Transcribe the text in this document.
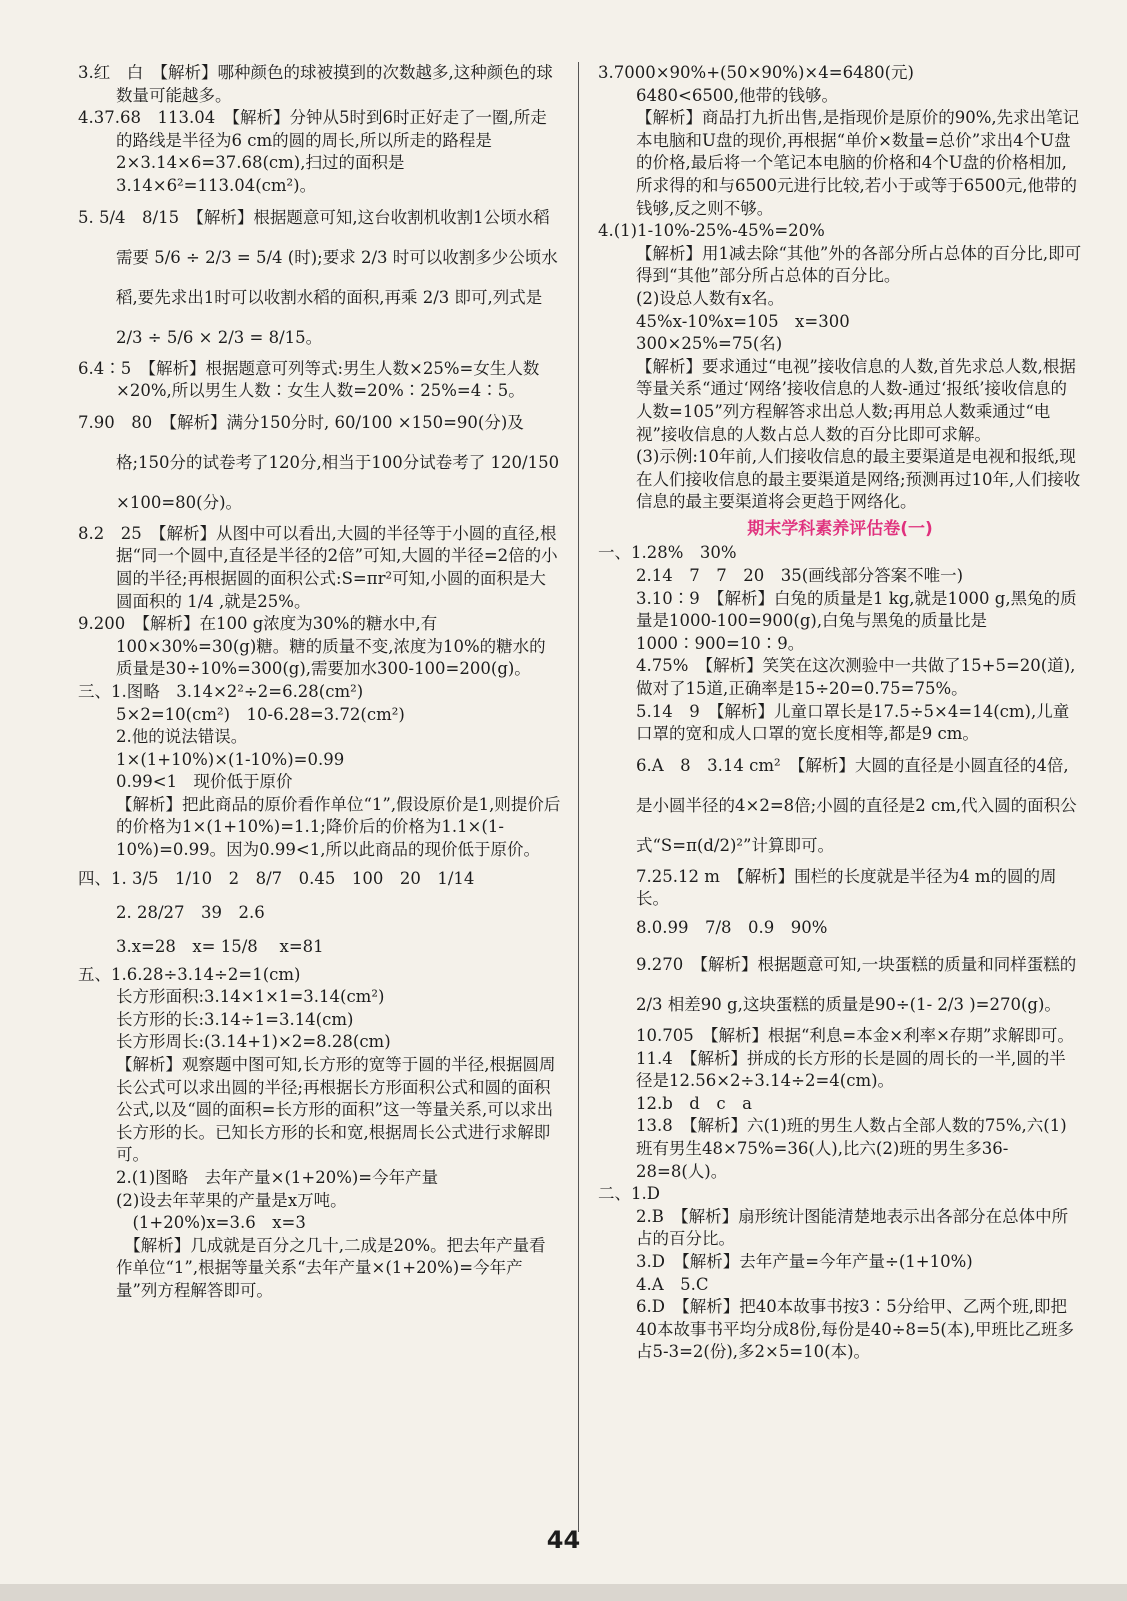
3.红　白　【解析】哪种颜色的球被摸到的次数越多,这种颜色的球数量可能越多。

4.37.68　113.04　【解析】分钟从5时到6时正好走了一圈,所走的路线是半径为6 cm的圆的周长,所以所走的路程是2×3.14×6=37.68(cm),扫过的面积是3.14×6²=113.04(cm²)。

5. 5/4　8/15　【解析】根据题意可知,这台收割机收割1公顷水稻需要 5/6 ÷ 2/3 = 5/4 (时);要求 2/3 时可以收割多少公顷水稻,要先求出1时可以收割水稻的面积,再乘 2/3 即可,列式是 2/3 ÷ 5/6 × 2/3 = 8/15。

6.4∶5　【解析】根据题意可列等式:男生人数×25%=女生人数×20%,所以男生人数∶女生人数=20%∶25%=4∶5。

7.90　80　【解析】满分150分时, 60/100 ×150=90(分)及格;150分的试卷考了120分,相当于100分试卷考了 120/150 ×100=80(分)。

8.2　25　【解析】从图中可以看出,大圆的半径等于小圆的直径,根据“同一个圆中,直径是半径的2倍”可知,大圆的半径=2倍的小圆的半径;再根据圆的面积公式:S=πr²可知,小圆的面积是大圆面积的 1/4 ,就是25%。

9.200　【解析】在100 g浓度为30%的糖水中,有100×30%=30(g)糖。糖的质量不变,浓度为10%的糖水的质量是30÷10%=300(g),需要加水300-100=200(g)。

三、1.图略　3.14×2²÷2=6.28(cm²)

5×2=10(cm²)　10-6.28=3.72(cm²)

2.他的说法错误。

1×(1+10%)×(1-10%)=0.99

0.99<1　现价低于原价

【解析】把此商品的原价看作单位“1”,假设原价是1,则提价后的价格为1×(1+10%)=1.1;降价后的价格为1.1×(1-10%)=0.99。因为0.99<1,所以此商品的现价低于原价。

四、1. 3/5　1/10　2　8/7　0.45　100　20　1/14

2. 28/27　39　2.6

3.x=28　x= 15/8 　x=81

五、1.6.28÷3.14÷2=1(cm)

长方形面积:3.14×1×1=3.14(cm²)

长方形的长:3.14÷1=3.14(cm)

长方形周长:(3.14+1)×2=8.28(cm)

【解析】观察题中图可知,长方形的宽等于圆的半径,根据圆周长公式可以求出圆的半径;再根据长方形面积公式和圆的面积公式,以及“圆的面积=长方形的面积”这一等量关系,可以求出长方形的长。已知长方形的长和宽,根据周长公式进行求解即可。

2.(1)图略　去年产量×(1+20%)=今年产量

(2)设去年苹果的产量是x万吨。

　(1+20%)x=3.6　x=3

　【解析】几成就是百分之几十,二成是20%。把去年产量看作单位“1”,根据等量关系“去年产量×(1+20%)=今年产量”列方程解答即可。

3.7000×90%+(50×90%)×4=6480(元)

6480<6500,他带的钱够。

【解析】商品打九折出售,是指现价是原价的90%,先求出笔记本电脑和U盘的现价,再根据“单价×数量=总价”求出4个U盘的价格,最后将一个笔记本电脑的价格和4个U盘的价格相加,所求得的和与6500元进行比较,若小于或等于6500元,他带的钱够,反之则不够。

4.(1)1-10%-25%-45%=20%

【解析】用1减去除“其他”外的各部分所占总体的百分比,即可得到“其他”部分所占总体的百分比。

(2)设总人数有x名。

45%x-10%x=105　x=300

300×25%=75(名)

【解析】要求通过“电视”接收信息的人数,首先求总人数,根据等量关系“通过‘网络’接收信息的人数-通过‘报纸’接收信息的人数=105”列方程解答求出总人数;再用总人数乘通过“电视”接收信息的人数占总人数的百分比即可求解。

(3)示例:10年前,人们接收信息的最主要渠道是电视和报纸,现在人们接收信息的最主要渠道是网络;预测再过10年,人们接收信息的最主要渠道将会更趋于网络化。

期末学科素养评估卷(一)

一、1.28%　30%

2.14　7　7　20　35(画线部分答案不唯一)

3.10∶9　【解析】白兔的质量是1 kg,就是1000 g,黑兔的质量是1000-100=900(g),白兔与黑兔的质量比是1000∶900=10∶9。

4.75%　【解析】笑笑在这次测验中一共做了15+5=20(道),做对了15道,正确率是15÷20=0.75=75%。

5.14　9　【解析】儿童口罩长是17.5÷5×4=14(cm),儿童口罩的宽和成人口罩的宽长度相等,都是9 cm。

6.A　8　3.14 cm²　【解析】大圆的直径是小圆直径的4倍,是小圆半径的4×2=8倍;小圆的直径是2 cm,代入圆的面积公式“S=π(d/2)²”计算即可。

7.25.12 m　【解析】围栏的长度就是半径为4 m的圆的周长。

8.0.99　7/8　0.9　90%

9.270　【解析】根据题意可知,一块蛋糕的质量和同样蛋糕的 2/3 相差90 g,这块蛋糕的质量是90÷(1- 2/3 )=270(g)。

10.705　【解析】根据“利息=本金×利率×存期”求解即可。

11.4　【解析】拼成的长方形的长是圆的周长的一半,圆的半径是12.56×2÷3.14÷2=4(cm)。

12.b　d　c　a

13.8　【解析】六(1)班的男生人数占全部人数的75%,六(1)班有男生48×75%=36(人),比六(2)班的男生多36-28=8(人)。

二、1.D

2.B　【解析】扇形统计图能清楚地表示出各部分在总体中所占的百分比。

3.D　【解析】去年产量=今年产量÷(1+10%)

4.A　5.C

6.D　【解析】把40本故事书按3∶5分给甲、乙两个班,即把40本故事书平均分成8份,每份是40÷8=5(本),甲班比乙班多占5-3=2(份),多2×5=10(本)。

44
